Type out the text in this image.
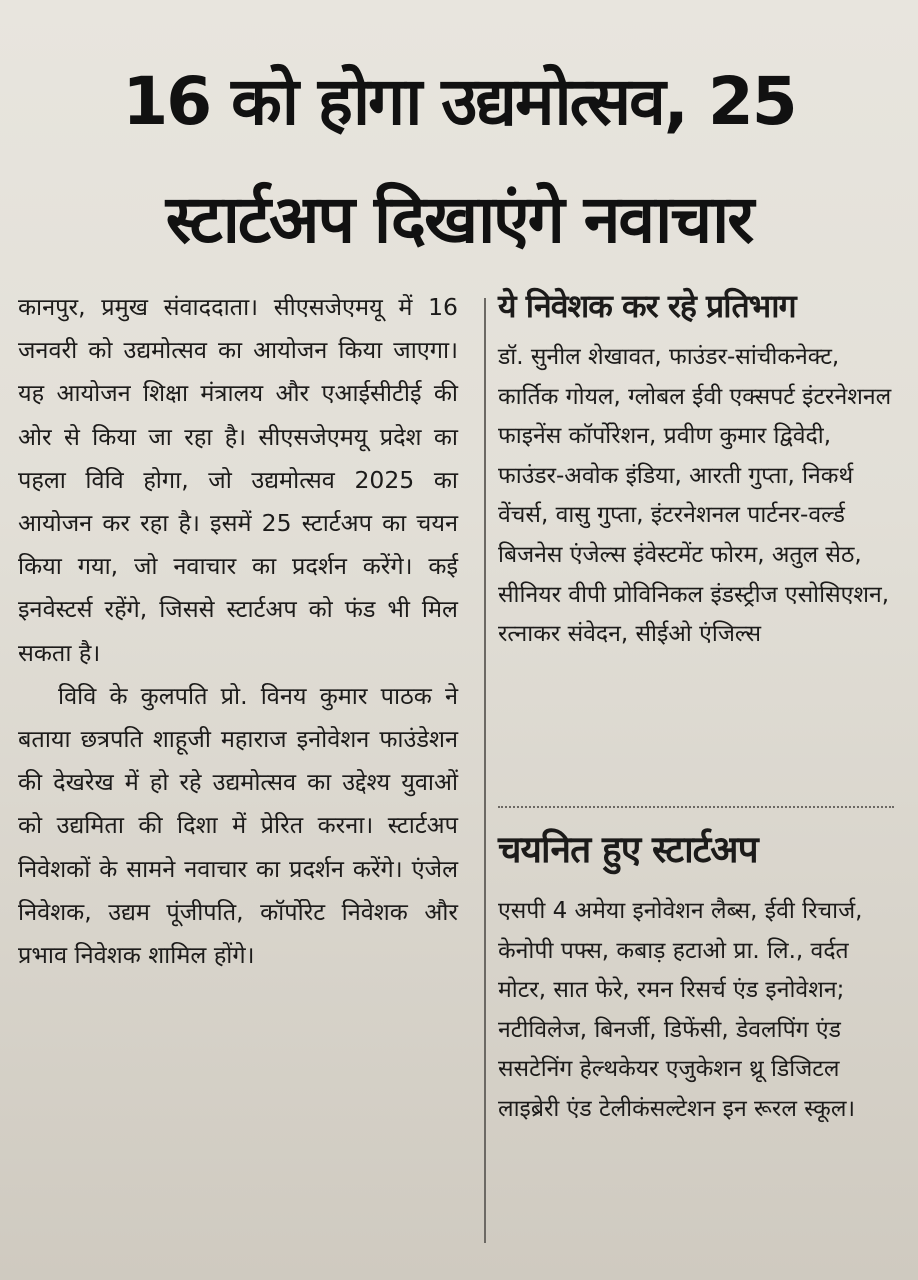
16 को होगा उद्यमोत्सव, 25
स्टार्टअप दिखाएंगे नवाचार

कानपुर, प्रमुख संवाददाता। सीएसजेएमयू में 16 जनवरी को उद्यमोत्सव का आयोजन किया जाएगा। यह आयोजन शिक्षा मंत्रालय और एआईसीटीई की ओर से किया जा रहा है। सीएसजेएमयू प्रदेश का पहला विवि होगा, जो उद्यमोत्सव 2025 का आयोजन कर रहा है। इसमें 25 स्टार्टअप का चयन किया गया, जो नवाचार का प्रदर्शन करेंगे। कई इनवेस्टर्स रहेंगे, जिससे स्टार्टअप को फंड भी मिल सकता है।

विवि के कुलपति प्रो. विनय कुमार पाठक ने बताया छत्रपति शाहूजी महाराज इनोवेशन फाउंडेशन की देखरेख में हो रहे उद्यमोत्सव का उद्देश्य युवाओं को उद्यमिता की दिशा में प्रेरित करना। स्टार्टअप निवेशकों के सामने नवाचार का प्रदर्शन करेंगे। एंजेल निवेशक, उद्यम पूंजीपति, कॉर्पोरेट निवेशक और प्रभाव निवेशक शामिल होंगे।

ये निवेशक कर रहे प्रतिभाग

डॉ. सुनील शेखावत, फाउंडर-सांचीकनेक्ट, कार्तिक गोयल, ग्लोबल ईवी एक्सपर्ट इंटरनेशनल फाइनेंस कॉर्पोरेशन, प्रवीण कुमार द्विवेदी, फाउंडर-अवोक इंडिया, आरती गुप्ता, निकर्थ वेंचर्स, वासु गुप्ता, इंटरनेशनल पार्टनर-वर्ल्ड बिजनेस एंजेल्स इंवेस्टमेंट फोरम, अतुल सेठ, सीनियर वीपी प्रोविनिकल इंडस्ट्रीज एसोसिएशन, रत्नाकर संवेदन, सीईओ एंजिल्स

चयनित हुए स्टार्टअप

एसपी 4 अमेया इनोवेशन लैब्स, ईवी रिचार्ज, केनोपी पफ्स, कबाड़ हटाओ प्रा. लि., वर्दत मोटर, सात फेरे, रमन रिसर्च एंड इनोवेशन; नटीविलेज, बिनर्जी, डिफेंसी, डेवलपिंग एंड ससटेनिंग हेल्थकेयर एजुकेशन थ्रू डिजिटल लाइब्रेरी एंड टेलीकंसल्टेशन इन रूरल स्कूल।
